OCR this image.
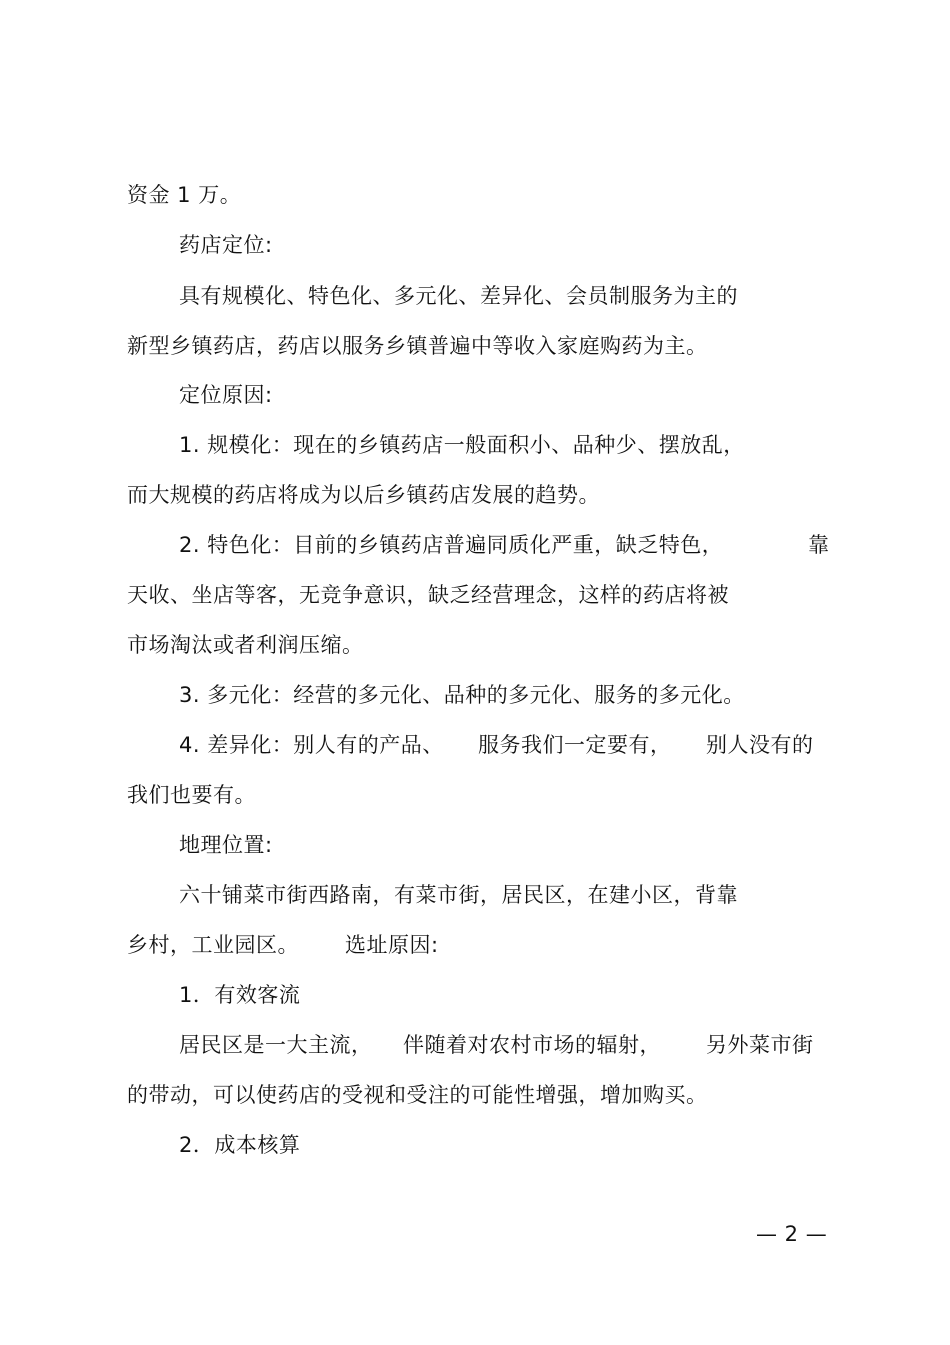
资金 1 万。
药店定位:
具有规模化、特色化、多元化、差异化、会员制服务为主的
新型乡镇药店，药店以服务乡镇普遍中等收入家庭购药为主。
定位原因:
1. 规模化：现在的乡镇药店一般面积小、品种少、摆放乱，
而大规模的药店将成为以后乡镇药店发展的趋势。
2. 特色化：目前的乡镇药店普遍同质化严重，缺乏特色，	靠
天收、坐店等客，无竞争意识，缺乏经营理念，这样的药店将被
市场淘汰或者利润压缩。
3. 多元化：经营的多元化、品种的多元化、服务的多元化。
4. 差异化：别人有的产品、 服务我们一定要有， 别人没有的
我们也要有。
地理位置:
六十铺菜市街西路南，有菜市街，居民区，在建小区，背靠
乡村，工业园区。 选址原因:
1．有效客流
居民区是一大主流， 伴随着对农村市场的辐射， 另外菜市街
的带动，可以使药店的受视和受注的可能性增强，增加购买。
2．成本核算
— 2 —
